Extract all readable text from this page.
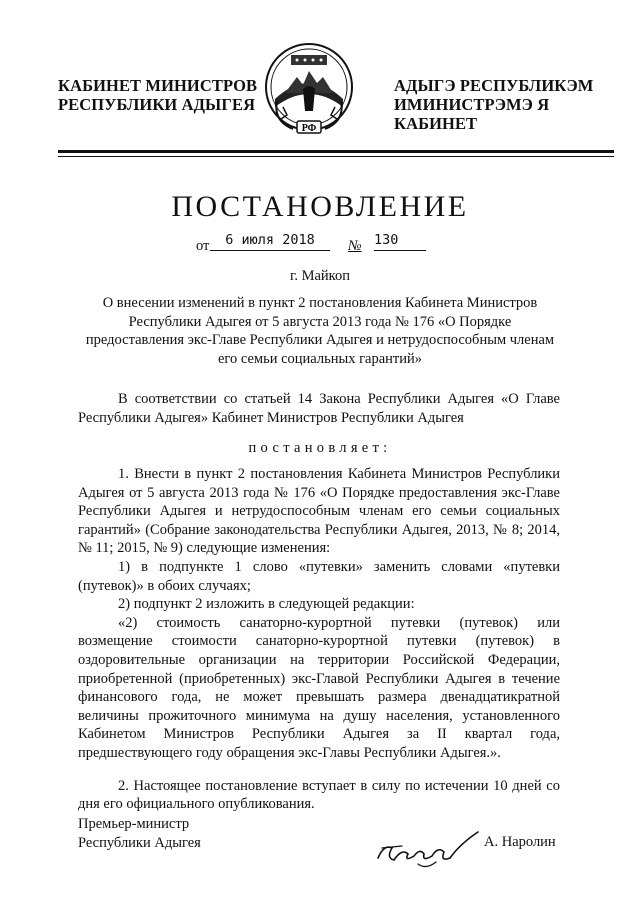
КАБИНЕТ МИНИСТРОВ
РЕСПУБЛИКИ АДЫГЕЯ
РФ
АДЫГЭ РЕСПУБЛИКЭМ
ИМИНИСТРЭМЭ Я КАБИНЕТ
ПОСТАНОВЛЕНИЕ
от	6 июля 2018	№ 130
г. Майкоп
О внесении изменений в пункт 2 постановления Кабинета Министров Республики Адыгея от 5 августа 2013 года № 176 «О Порядке предоставления экс-Главе Республики Адыгея и нетрудоспособным членам его семьи социальных гарантий»
В соответствии со статьей 14 Закона Республики Адыгея «О Главе Республики Адыгея» Кабинет Министров Республики Адыгея
постановляет:

1. Внести в пункт 2 постановления Кабинета Министров Республики Адыгея от 5 августа 2013 года № 176 «О Порядке предоставления экс-Главе Республики Адыгея и нетрудоспособным членам его семьи социальных гарантий» (Собрание законодательства Республики Адыгея, 2013, № 8; 2014, № 11; 2015, № 9) следующие изменения:

1) в подпункте 1 слово «путевки» заменить словами «путевки (путевок)» в обоих случаях;

2) подпункт 2 изложить в следующей редакции:

«2) стоимость санаторно-курортной путевки (путевок) или возмещение стоимости санаторно-курортной путевки (путевок) в оздоровительные организации на территории Российской Федерации, приобретенной (приобретенных) экс-Главой Республики Адыгея в течение финансового года, не может превышать размера двенадцатикратной величины прожиточного минимума на душу населения, установленного Кабинетом Министров Республики Адыгея за II квартал года, предшествующего году обращения экс-Главы Республики Адыгея.».

2. Настоящее постановление вступает в силу по истечении 10 дней со дня его официального опубликования.

Премьер-министр
Республики Адыгея	А. Наролин
